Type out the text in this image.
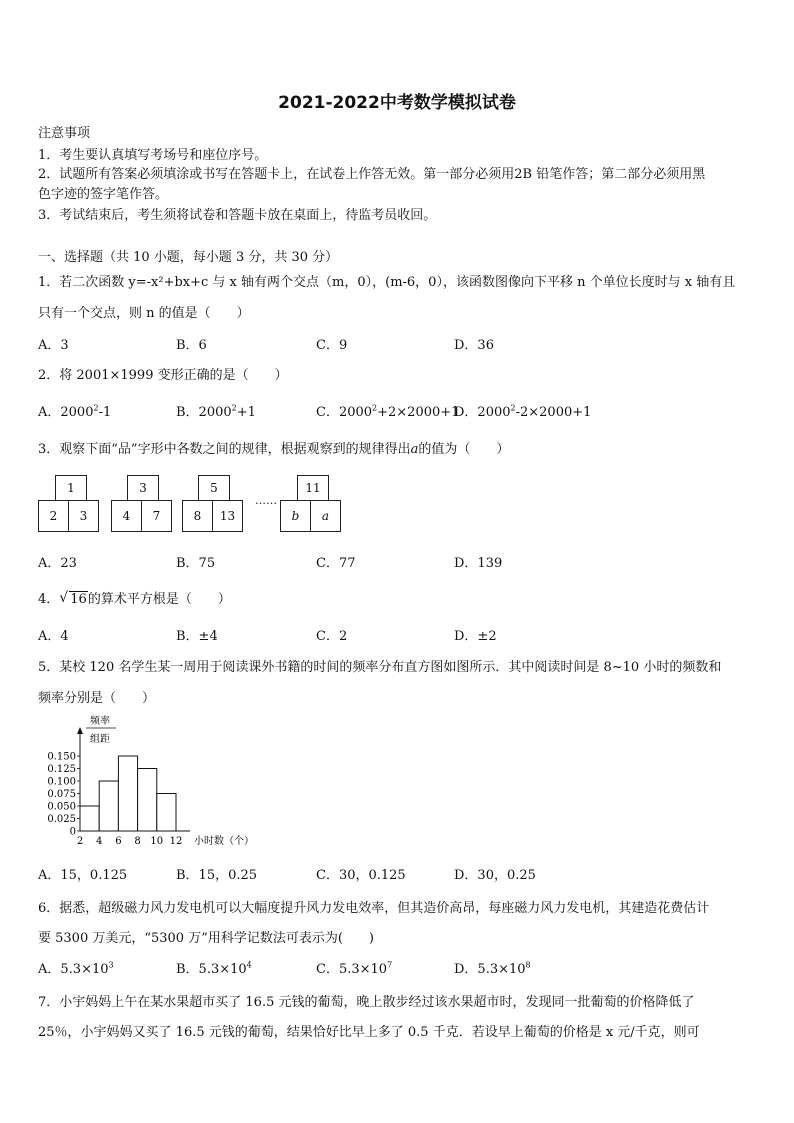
2021-2022中考数学模拟试卷
注意事项
1．考生要认真填写考场号和座位序号。
2．试题所有答案必须填涂或书写在答题卡上，在试卷上作答无效。第一部分必须用2B 铅笔作答；第二部分必须用黑
色字迹的签字笔作答。
3．考试结束后，考生须将试卷和答题卡放在桌面上，待监考员收回。
一、选择题（共 10 小题，每小题 3 分，共 30 分）
1．若二次函数 y=-x²+bx+c 与 x 轴有两个交点（m，0），(m-6，0），该函数图像向下平移 n 个单位长度时与 x 轴有且
只有一个交点，则 n 的值是（　　）
A．3	B．6	C．9	D．36
2．将 2001×1999 变形正确的是（　　）
A．2000$^2$-1	B．$2000^2+1$	C．$2000^2+2\times 2000+1$
D．$2000^2-2\times 2000+1$
3．观察下面“品”字形中各数之间的规律，根据观察到的规律得出a的值为（　　）
1
2	3
3
4	7
5
8	13
……
11
b	a
A．23	B．75	C．77	D．139
4． √ 16的算术平方根是（　　）
A．4	B．±4	C．2	D．±2
5．某校 120 名学生某一周用于阅读课外书籍的时间的频率分布直方图如图所示．其中阅读时间是 8~10 小时的频数和
频率分别是（　　）
频率
组距
0
0.025
0.050
0.075
0.100
0.125
0.150
2 4 6 8 10 12 小时数（个）
A．15，0.125	B．15，0.25	C．30，0.125	D．30，0.25
6．据悉，超级磁力风力发电机可以大幅度提升风力发电效率，但其造价高昂，每座磁力风力发电机，其建造花费估计
要 5300 万美元，“5300 万”用科学记数法可表示为(　　)
A．$5.3\times 10^3$	B．$5.3\times 10^4$	C．$5.3\times 10^7$	D．$5.3\times 10^8$
7．小宇妈妈上午在某水果超市买了 16.5 元钱的葡萄，晚上散步经过该水果超市时，发现同一批葡萄的价格降低了
25％，小宇妈妈又买了 16.5 元钱的葡萄，结果恰好比早上多了 0.5 千克．若设早上葡萄的价格是 x 元/千克，则可
